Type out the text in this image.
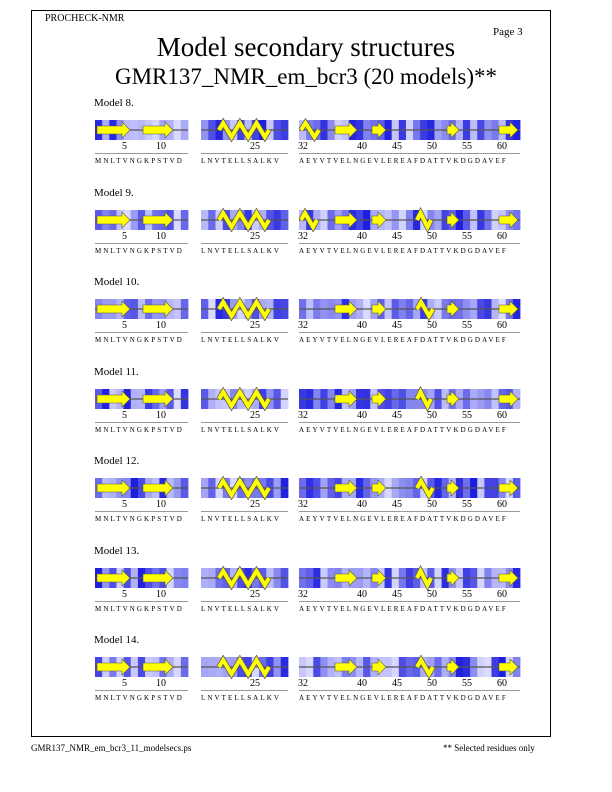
PROCHECK-NMR
Page 3
Model secondary structures
GMR137_NMR_em_bcr3 (20 models)**
Model 8.
5	10
MNLTVNGKPSTVD
25
LNVTELLSALKV
32	40	45	50	55	60
AEYVTVELNGEVLEREAFDATTVKDGDAVEF
Model 9.
5	10
MNLTVNGKPSTVD
25
LNVTELLSALKV
32	40	45	50	55	60
AEYVTVELNGEVLEREAFDATTVKDGDAVEF
Model 10.
5	10
MNLTVNGKPSTVD
25
LNVTELLSALKV
32	40	45	50	55	60
AEYVTVELNGEVLEREAFDATTVKDGDAVEF
Model 11.
5	10
MNLTVNGKPSTVD
25
LNVTELLSALKV
32	40	45	50	55	60
AEYVTVELNGEVLEREAFDATTVKDGDAVEF
Model 12.
5	10
MNLTVNGKPSTVD
25
LNVTELLSALKV
32	40	45	50	55	60
AEYVTVELNGEVLEREAFDATTVKDGDAVEF
Model 13.
5	10
MNLTVNGKPSTVD
25
LNVTELLSALKV
32	40	45	50	55	60
AEYVTVELNGEVLEREAFDATTVKDGDAVEF
Model 14.
5	10
MNLTVNGKPSTVD
25
LNVTELLSALKV
32	40	45	50	55	60
AEYVTVELNGEVLEREAFDATTVKDGDAVEF
GMR137_NMR_em_bcr3_11_modelsecs.ps	** Selected residues only
